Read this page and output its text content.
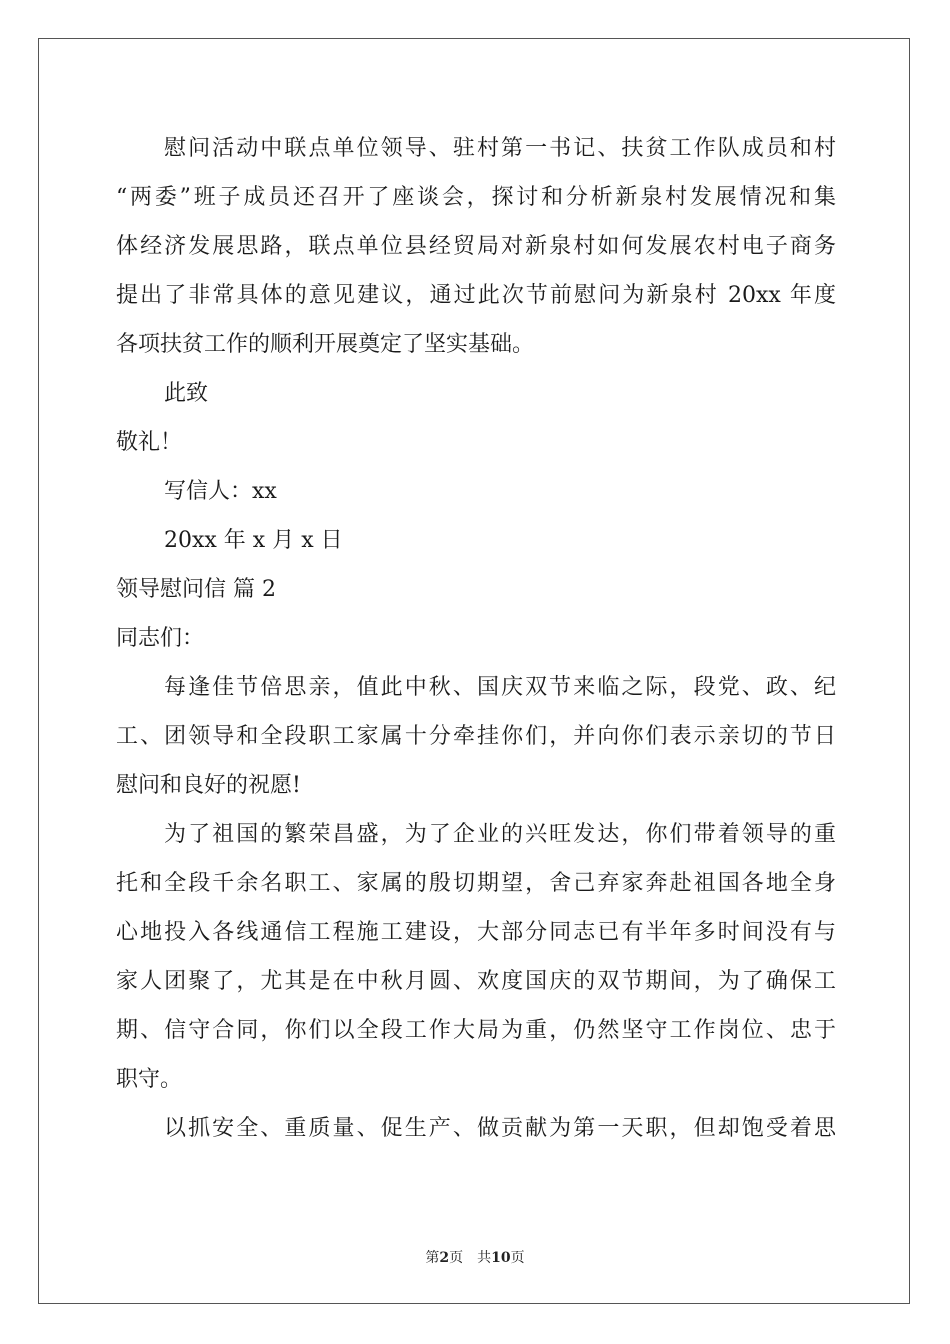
慰问活动中联点单位领导、驻村第一书记、扶贫工作队成员和村
“两委”班子成员还召开了座谈会，探讨和分析新泉村发展情况和集
体经济发展思路，联点单位县经贸局对新泉村如何发展农村电子商务
提出了非常具体的意见建议，通过此次节前慰问为新泉村 20xx 年度
各项扶贫工作的顺利开展奠定了坚实基础。
此致
敬礼！
写信人：xx
20xx 年 x 月 x 日
领导慰问信 篇 2
同志们：
每逢佳节倍思亲，值此中秋、国庆双节来临之际，段党、政、纪
工、团领导和全段职工家属十分牵挂你们，并向你们表示亲切的节日
慰问和良好的祝愿!
为了祖国的繁荣昌盛，为了企业的兴旺发达，你们带着领导的重
托和全段千余名职工、家属的殷切期望，舍己弃家奔赴祖国各地全身
心地投入各线通信工程施工建设，大部分同志已有半年多时间没有与
家人团聚了，尤其是在中秋月圆、欢度国庆的双节期间，为了确保工
期、信守合同，你们以全段工作大局为重，仍然坚守工作岗位、忠于
职守。
以抓安全、重质量、促生产、做贡献为第一天职，但却饱受着思
第2页　共10页
